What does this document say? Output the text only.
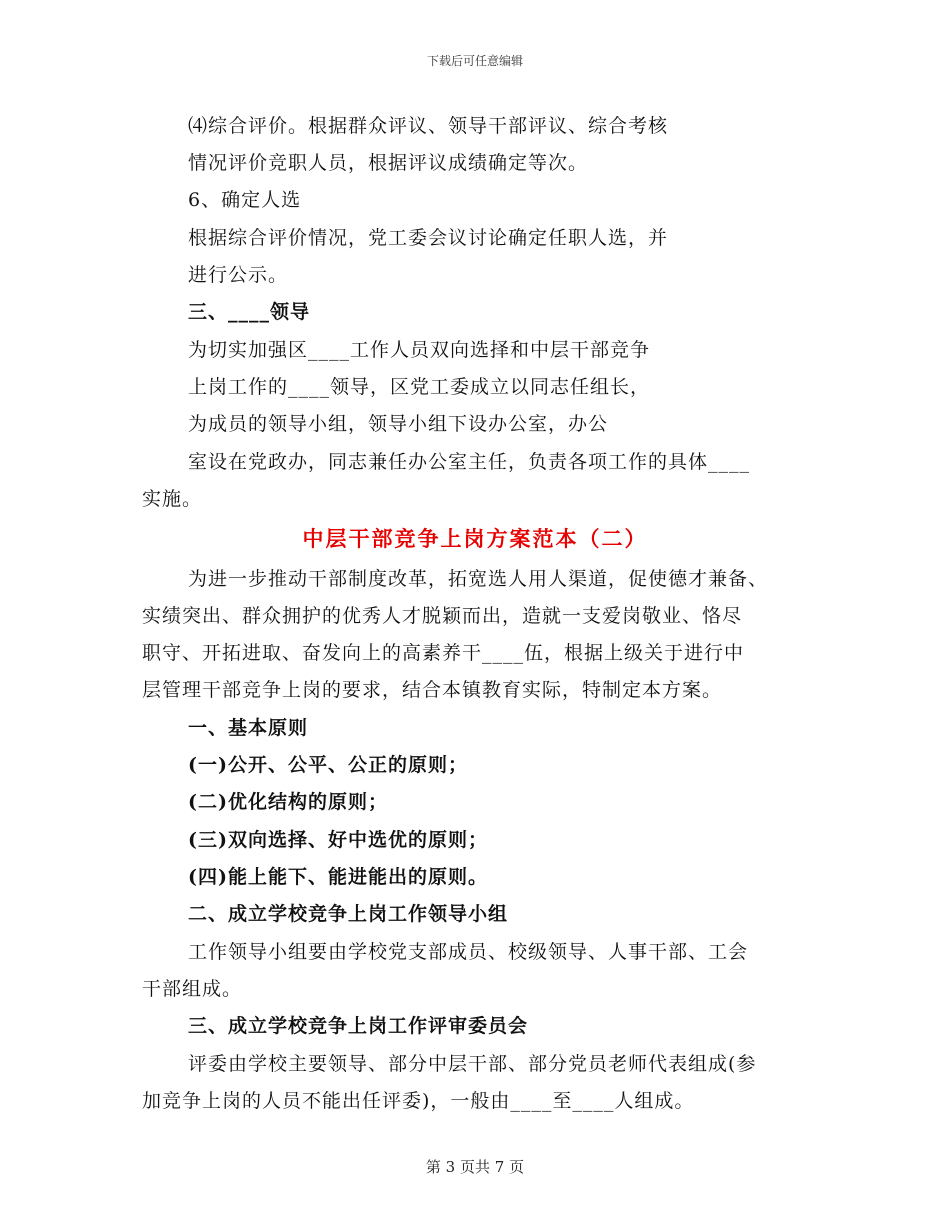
下载后可任意编辑
⑷综合评价。根据群众评议、领导干部评议、综合考核
情况评价竞职人员，根据评议成绩确定等次。
6、确定人选
根据综合评价情况，党工委会议讨论确定任职人选，并
进行公示。
三、____领导
为切实加强区____工作人员双向选择和中层干部竞争
上岗工作的____领导，区党工委成立以同志任组长，
为成员的领导小组，领导小组下设办公室，办公
室设在党政办，同志兼任办公室主任，负责各项工作的具体____
实施。
中层干部竞争上岗方案范本（二）
为进一步推动干部制度改革，拓宽选人用人渠道，促使德才兼备、
实绩突出、群众拥护的优秀人才脱颖而出，造就一支爱岗敬业、恪尽
职守、开拓进取、奋发向上的高素养干____伍，根据上级关于进行中
层管理干部竞争上岗的要求，结合本镇教育实际，特制定本方案。
一、基本原则
(一)公开、公平、公正的原则；
(二)优化结构的原则；
(三)双向选择、好中选优的原则；
(四)能上能下、能进能出的原则。
二、成立学校竞争上岗工作领导小组
工作领导小组要由学校党支部成员、校级领导、人事干部、工会
干部组成。
三、成立学校竞争上岗工作评审委员会
评委由学校主要领导、部分中层干部、部分党员老师代表组成(参
加竞争上岗的人员不能出任评委)，一般由____至____人组成。
第 3 页共 7 页
